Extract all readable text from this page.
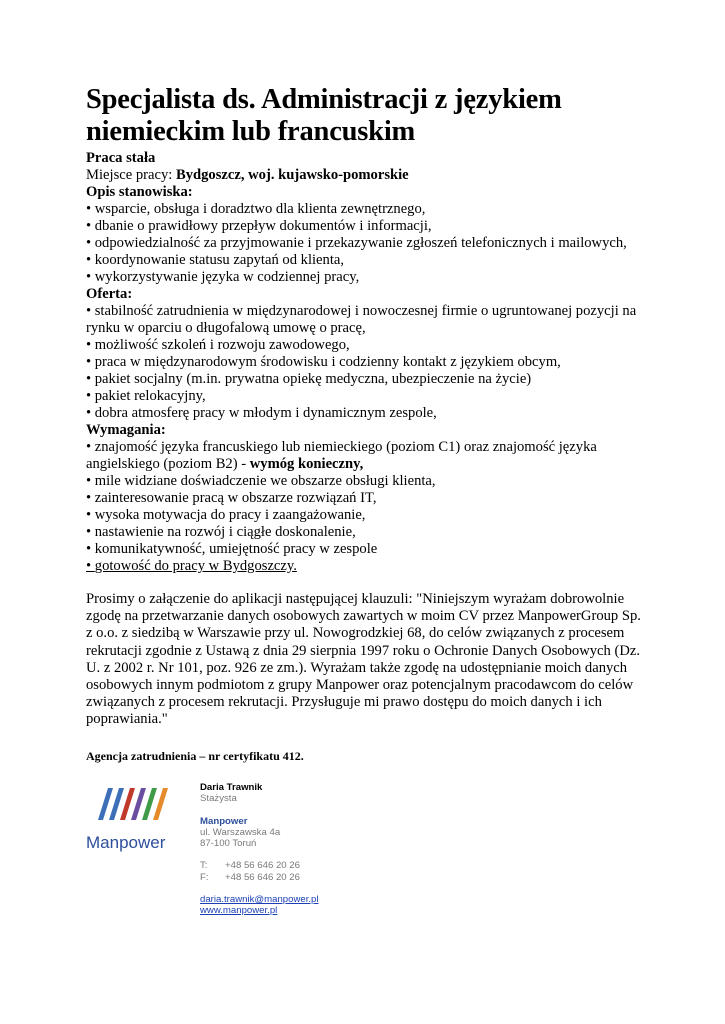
Specjalista ds. Administracji z językiem
niemieckim lub francuskim
Praca stała
Miejsce pracy: Bydgoszcz, woj. kujawsko-pomorskie
Opis stanowiska:
• wsparcie, obsługa i doradztwo dla klienta zewnętrznego,
• dbanie o prawidłowy przepływ dokumentów i informacji,
• odpowiedzialność za przyjmowanie i przekazywanie zgłoszeń telefonicznych i mailowych,
• koordynowanie statusu zapytań od klienta,
• wykorzystywanie języka w codziennej pracy,
Oferta:
• stabilność zatrudnienia w międzynarodowej i nowoczesnej firmie o ugruntowanej pozycji na
rynku w oparciu o długofalową umowę o pracę,
• możliwość szkoleń i rozwoju zawodowego,
• praca w międzynarodowym środowisku i codzienny kontakt z językiem obcym,
• pakiet socjalny (m.in. prywatna opiekę medyczna, ubezpieczenie na życie)
• pakiet relokacyjny,
• dobra atmosferę pracy w młodym i dynamicznym zespole,
Wymagania:
• znajomość języka francuskiego lub niemieckiego (poziom C1) oraz znajomość języka
angielskiego (poziom B2) - wymóg konieczny,
• mile widziane doświadczenie we obszarze obsługi klienta,
• zainteresowanie pracą w obszarze rozwiązań IT,
• wysoka motywacja do pracy i zaangażowanie,
• nastawienie na rozwój i ciągłe doskonalenie,
• komunikatywność, umiejętność pracy w zespole
• gotowość do pracy w Bydgoszczy.
Prosimy o załączenie do aplikacji następującej klauzuli: "Niniejszym wyrażam dobrowolnie zgodę na przetwarzanie danych osobowych zawartych w moim CV przez ManpowerGroup Sp. z o.o. z siedzibą w Warszawie przy ul. Nowogrodzkiej 68, do celów związanych z procesem rekrutacji zgodnie z Ustawą z dnia 29 sierpnia 1997 roku o Ochronie Danych Osobowych (Dz. U. z 2002 r. Nr 101, poz. 926 ze zm.). Wyrażam także zgodę na udostępnianie moich danych osobowych innym podmiotom z grupy Manpower oraz potencjalnym pracodawcom do celów związanych z procesem rekrutacji. Przysługuje mi prawo dostępu do moich danych i ich poprawiania."
Agencja zatrudnienia – nr certyfikatu 412.
Manpower
Daria Trawnik
Stażysta
Manpower
ul. Warszawska 4a
87-100 Toruń
T:	+48 56 646 20 26
F:	+48 56 646 20 26
daria.trawnik@manpower.pl
www.manpower.pl
